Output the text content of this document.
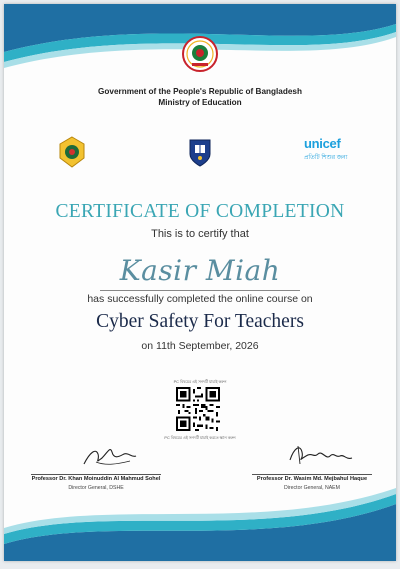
Government of the People's Republic of Bangladesh
Ministry of Education
unicef
প্রতিটি শিশুর জন্য
CERTIFICATE OF COMPLETION
This is to certify that
Kasir Miah
has successfully completed the online course on
Cyber Safety For Teachers
on 11th September, 2026
PC বিষয়ের এই সনদটি যাচাই করুন
PC বিষয়ের এই সনদটি যাচাই করতে স্ক্যান করুন
Professor Dr. Khan Moinuddin Al Mahmud Sohel
Director General, DSHE
Professor Dr. Wasim Md. Mejbahul Haque
Director General, NAEM
